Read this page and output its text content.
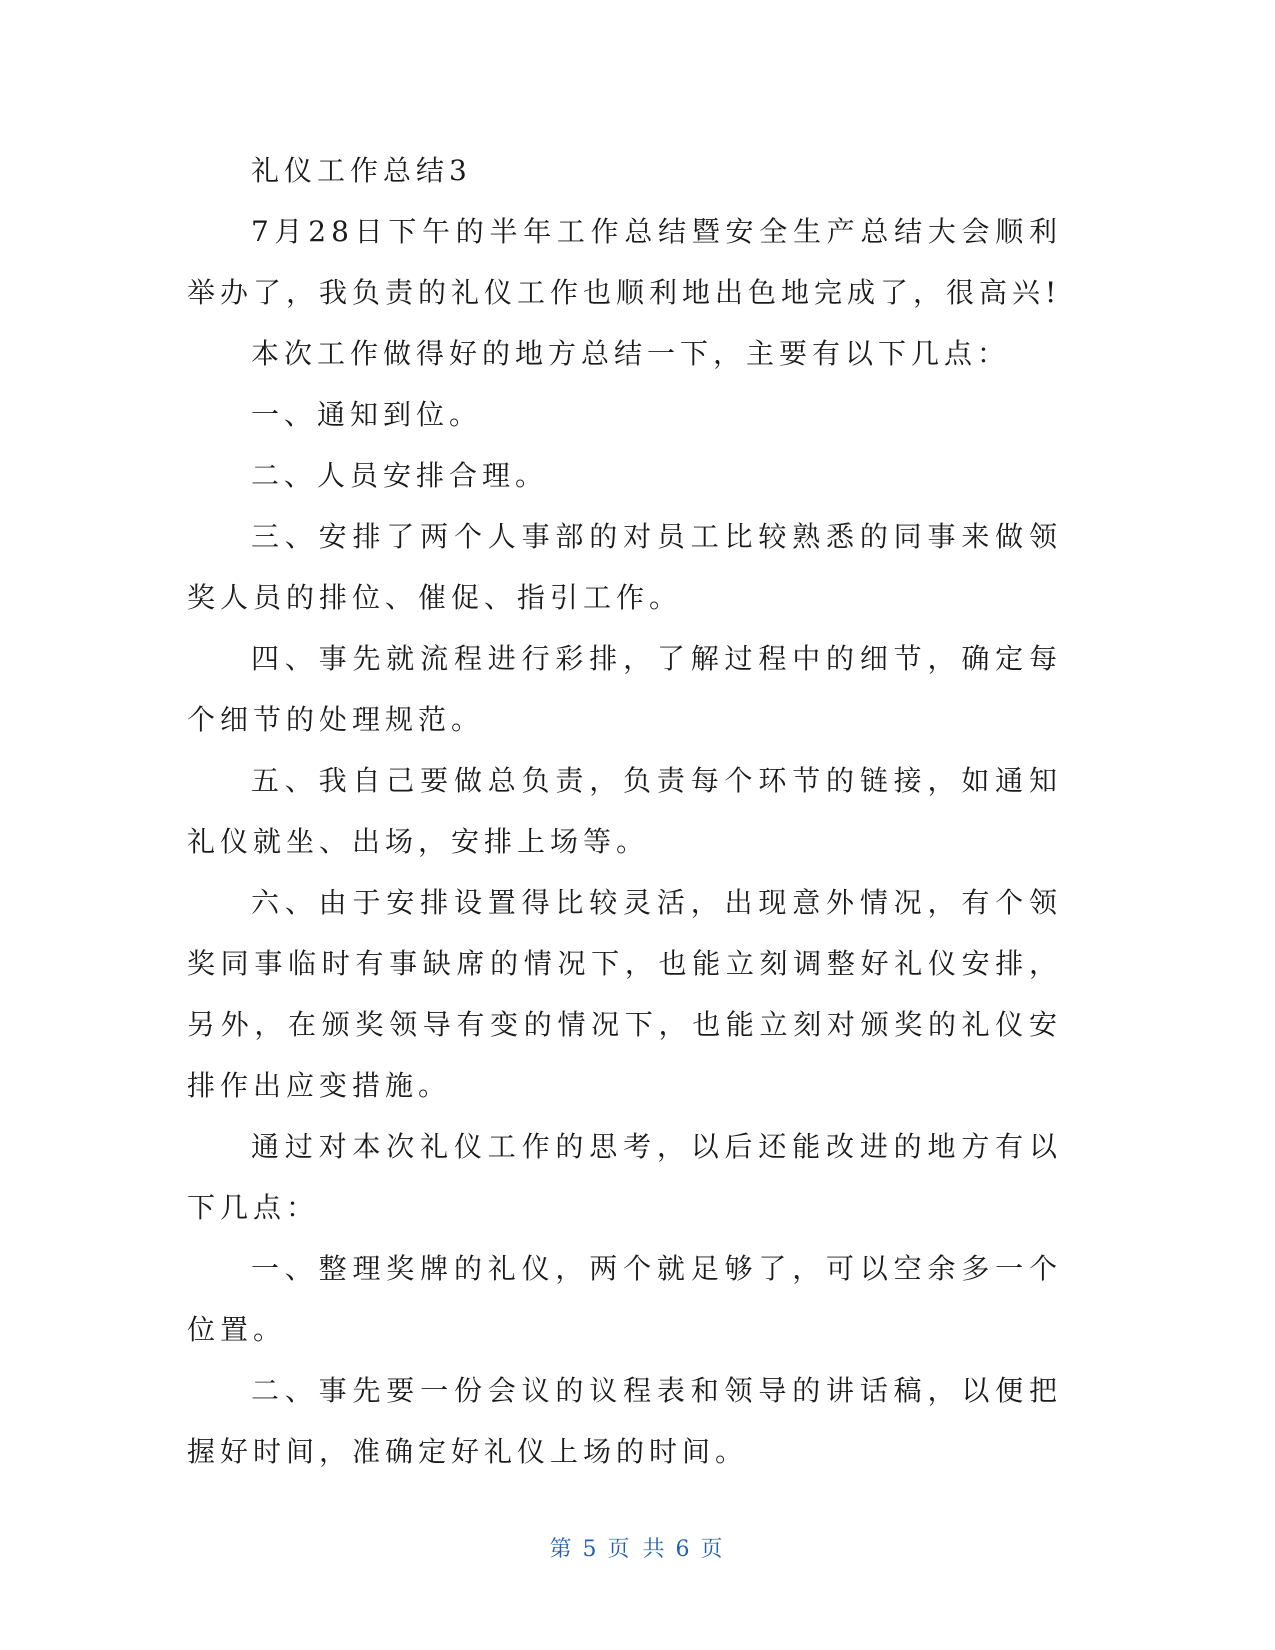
礼仪工作总结3

7月28日下午的半年工作总结暨安全生产总结大会顺利举办了，我负责的礼仪工作也顺利地出色地完成了，很高兴!

本次工作做得好的地方总结一下，主要有以下几点：

一、通知到位。

二、人员安排合理。

三、安排了两个人事部的对员工比较熟悉的同事来做领奖人员的排位、催促、指引工作。

四、事先就流程进行彩排，了解过程中的细节，确定每个细节的处理规范。

五、我自己要做总负责，负责每个环节的链接，如通知礼仪就坐、出场，安排上场等。

六、由于安排设置得比较灵活，出现意外情况，有个领奖同事临时有事缺席的情况下，也能立刻调整好礼仪安排，另外，在颁奖领导有变的情况下，也能立刻对颁奖的礼仪安排作出应变措施。

通过对本次礼仪工作的思考，以后还能改进的地方有以下几点：

一、整理奖牌的礼仪，两个就足够了，可以空余多一个位置。

二、事先要一份会议的议程表和领导的讲话稿，以便把握好时间，准确定好礼仪上场的时间。

第 5 页 共 6 页
